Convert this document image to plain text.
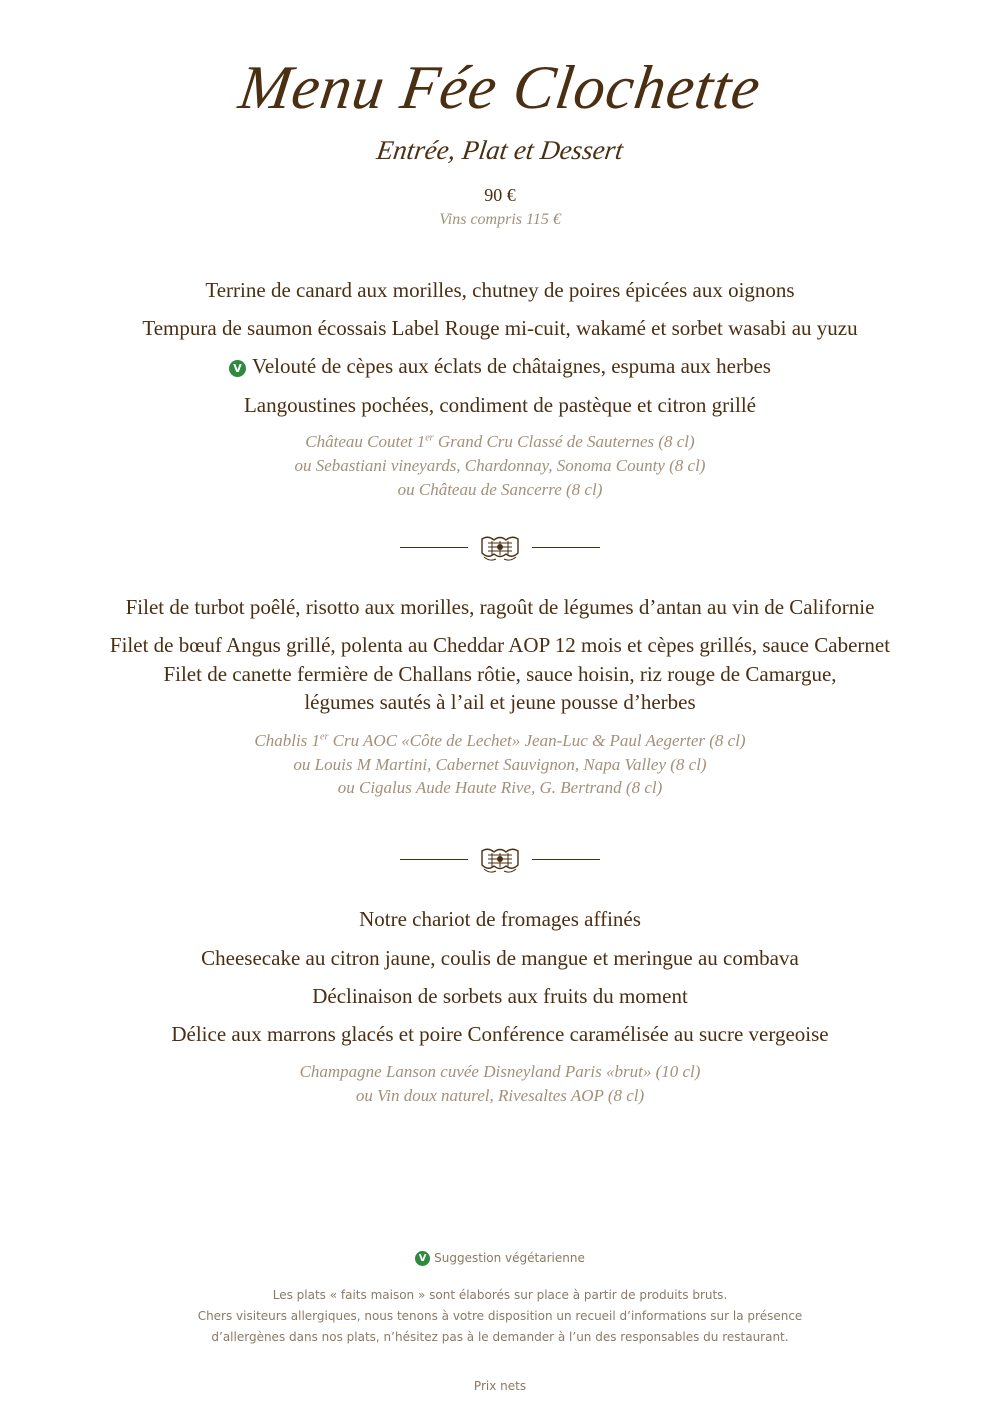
Menu Fée Clochette
Entrée, Plat et Dessert
90 €
Vins compris 115 €
Terrine de canard aux morilles, chutney de poires épicées aux oignons
Tempura de saumon écossais Label Rouge mi-cuit, wakamé et sorbet wasabi au yuzu
V Velouté de cèpes aux éclats de châtaignes, espuma aux herbes
Langoustines pochées, condiment de pastèque et citron grillé
Château Coutet 1er Grand Cru Classé de Sauternes (8 cl)
ou Sebastiani vineyards, Chardonnay, Sonoma County (8 cl)
ou Château de Sancerre (8 cl)
Filet de turbot poêlé, risotto aux morilles, ragoût de légumes d’antan au vin de Californie
Filet de bœuf Angus grillé, polenta au Cheddar AOP 12 mois et cèpes grillés, sauce Cabernet
Filet de canette fermière de Challans rôtie, sauce hoisin, riz rouge de Camargue,
légumes sautés à l’ail et jeune pousse d’herbes
Chablis 1er Cru AOC «Côte de Lechet» Jean-Luc & Paul Aegerter (8 cl)
ou Louis M Martini, Cabernet Sauvignon, Napa Valley (8 cl)
ou Cigalus Aude Haute Rive, G. Bertrand (8 cl)
Notre chariot de fromages affinés
Cheesecake au citron jaune, coulis de mangue et meringue au combava
Déclinaison de sorbets aux fruits du moment
Délice aux marrons glacés et poire Conférence caramélisée au sucre vergeoise
Champagne Lanson cuvée Disneyland Paris «brut» (10 cl)
ou Vin doux naturel, Rivesaltes AOP (8 cl)
V Suggestion végétarienne
Les plats « faits maison » sont élaborés sur place à partir de produits bruts.
Chers visiteurs allergiques, nous tenons à votre disposition un recueil d’informations sur la présence
d’allergènes dans nos plats, n’hésitez pas à le demander à l’un des responsables du restaurant.
Prix nets
